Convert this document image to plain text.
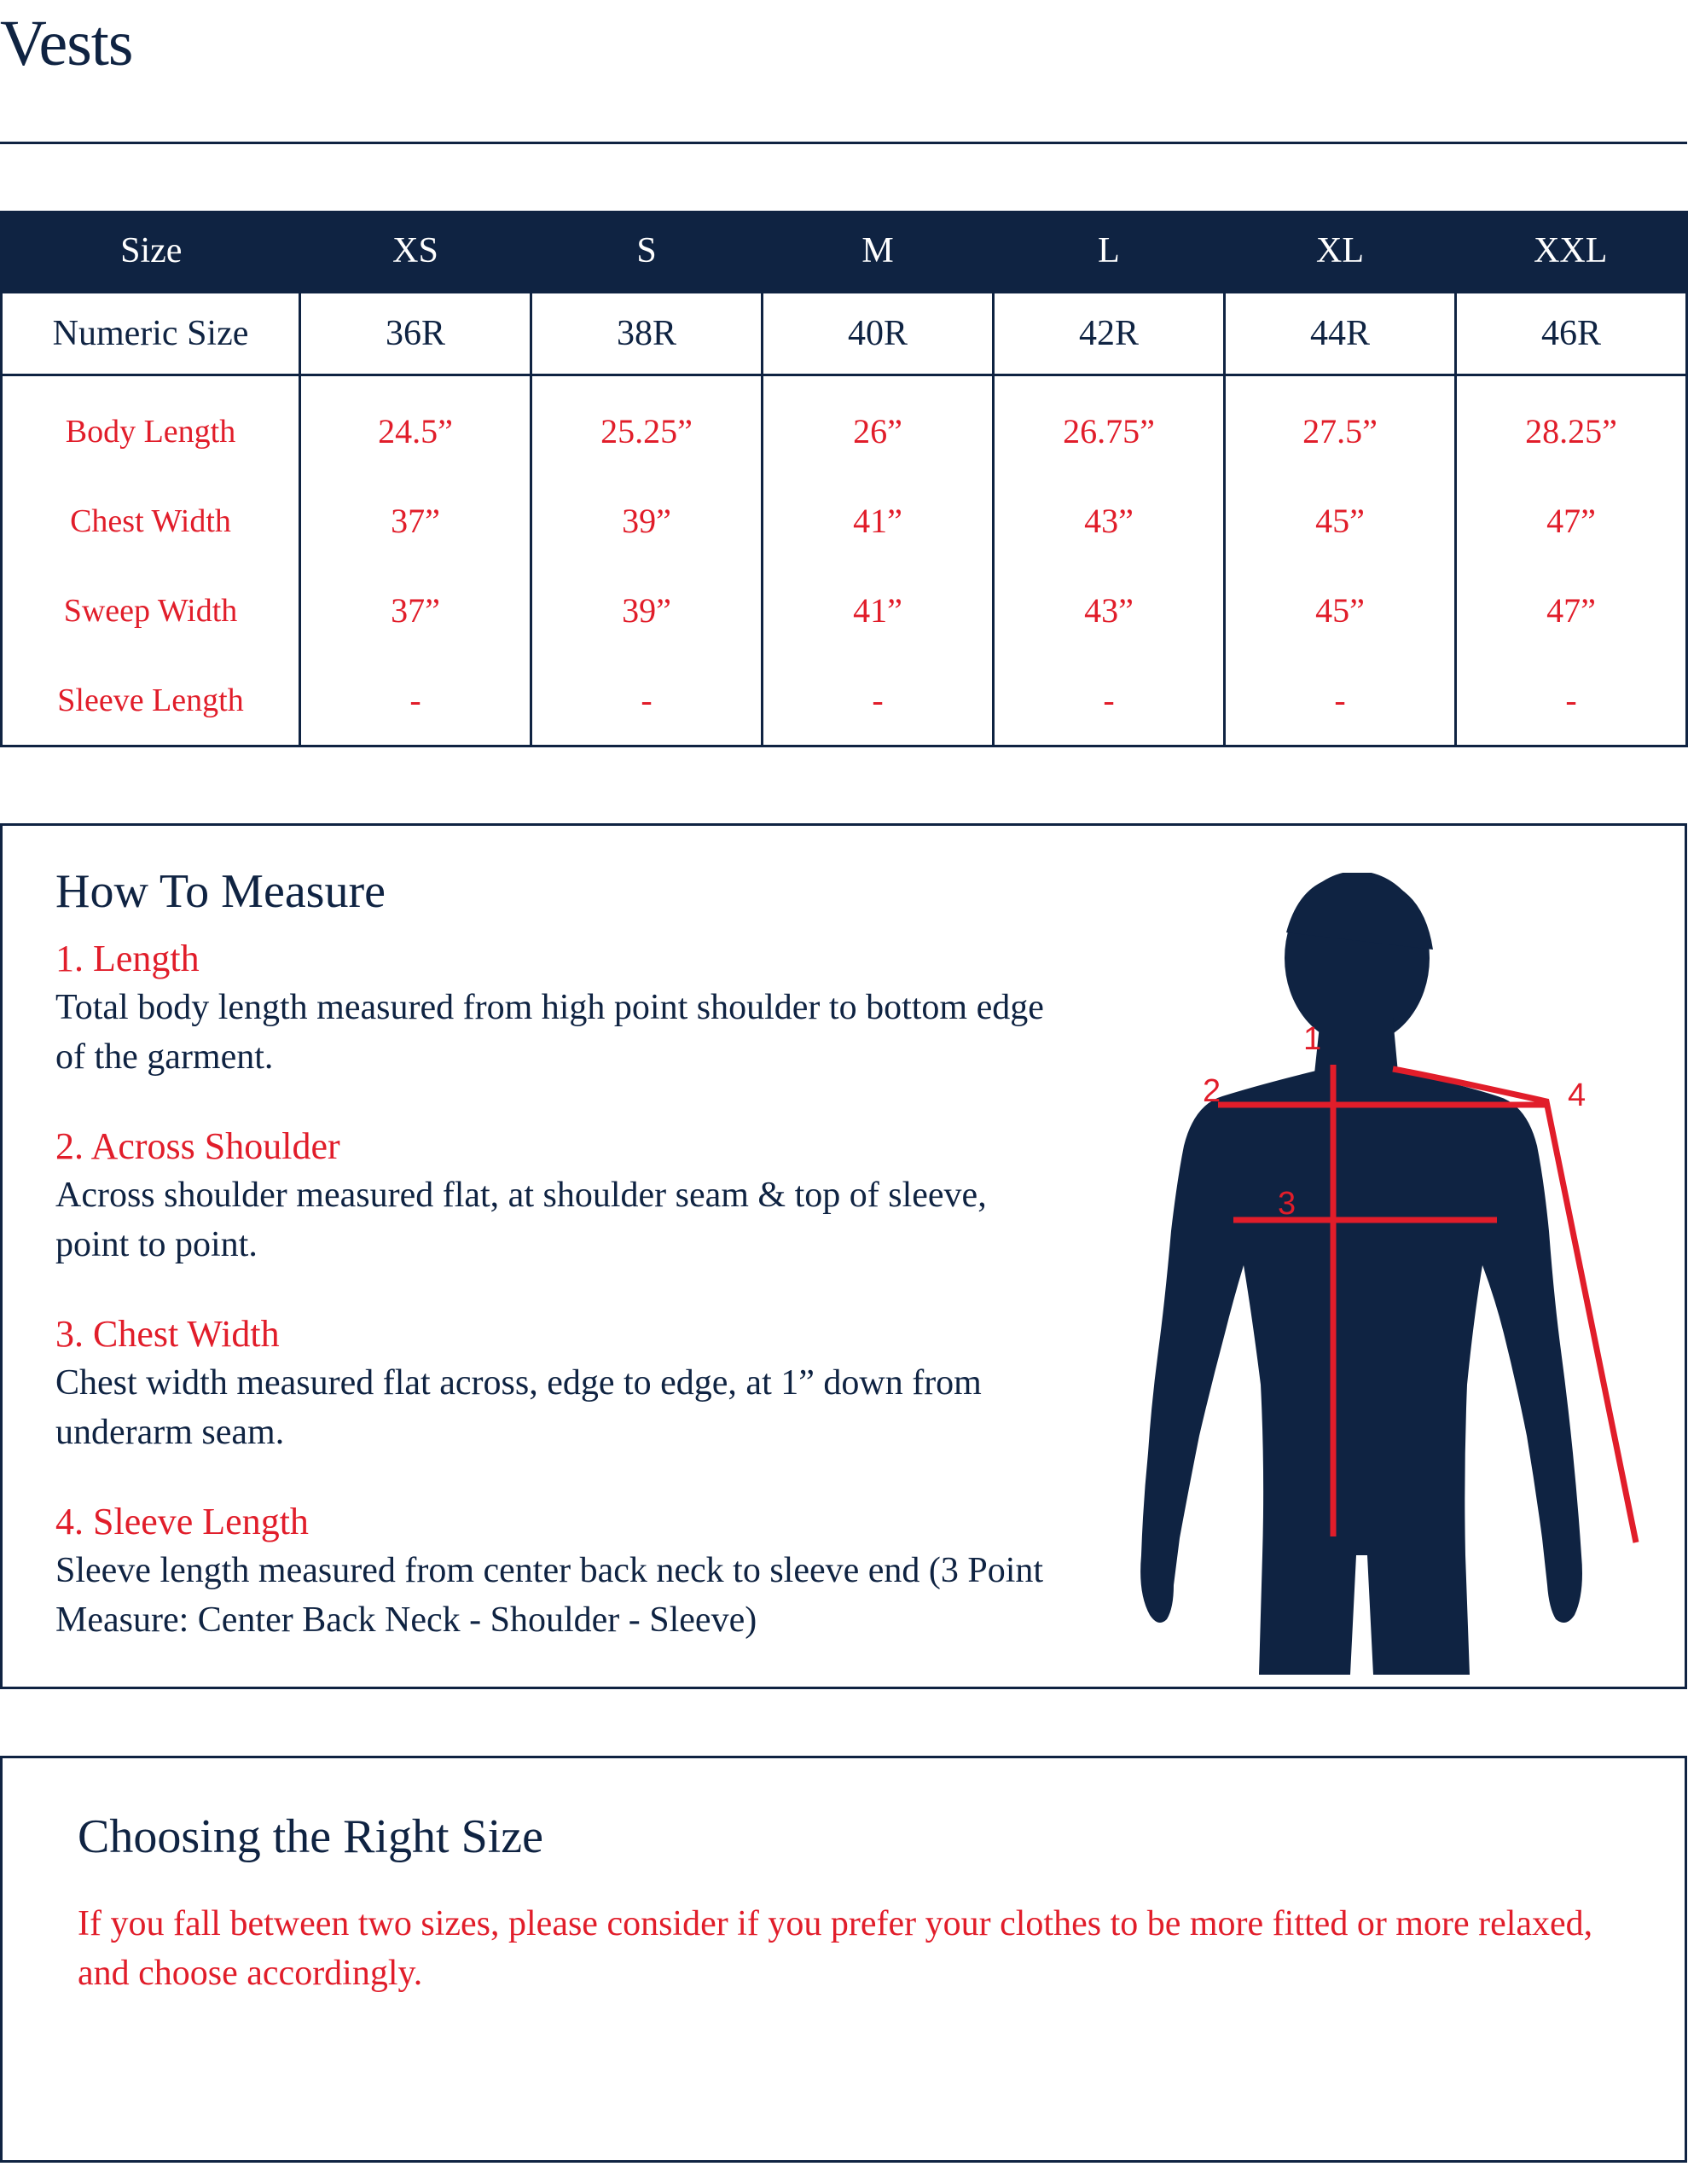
Vests
Size	XS	S	M	L	XL	XXL
Numeric Size	36R	38R	40R	42R	44R	46R
Body Length	24.5”	25.25”	26”	26.75”	27.5”	28.25”
Chest Width	37”	39”	41”	43”	45”	47”
Sweep Width	37”	39”	41”	43”	45”	47”
Sleeve Length	-	-	-	-	-	-
How To Measure
1. Length

Total body length measured from high point shoulder to bottom edge of the garment.

2. Across Shoulder

Across shoulder measured flat, at shoulder seam & top of sleeve, point to point.

3. Chest Width

Chest width measured flat across, edge to edge, at 1” down from underarm seam.

4. Sleeve Length

Sleeve length measured from center back neck to sleeve end (3 Point Measure: Center Back Neck - Shoulder - Sleeve)

1
2
3
4
Choosing the Right Size
If you fall between two sizes, please consider if you prefer your clothes to be more fitted or more relaxed, and choose accordingly.
